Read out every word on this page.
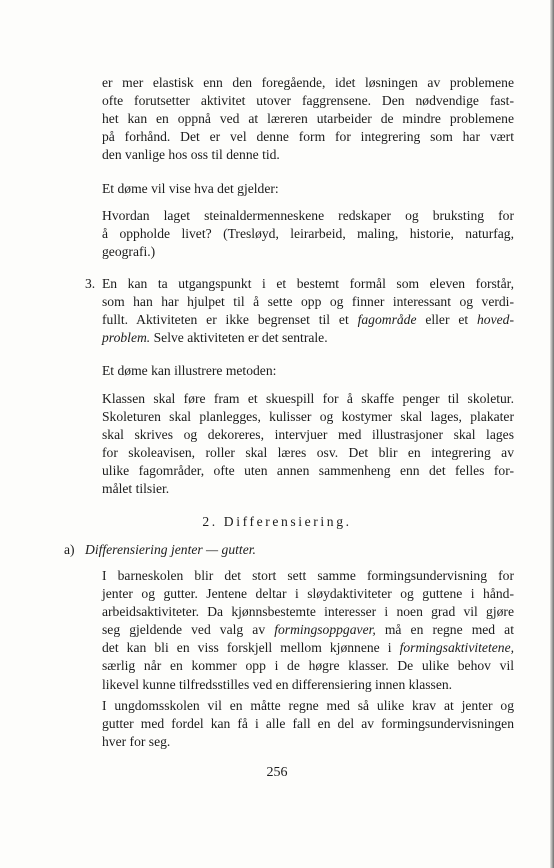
er mer elastisk enn den foregående, idet løsningen av problemene
ofte forutsetter aktivitet utover faggrensene. Den nødvendige fast-
het kan en oppnå ved at læreren utarbeider de mindre problemene
på forhånd. Det er vel denne form for integrering som har vært
den vanlige hos oss til denne tid.

Et døme vil vise hva det gjelder:

Hvordan laget steinaldermenneskene redskaper og bruksting for
å oppholde livet? (Tresløyd, leirarbeid, maling, historie, naturfag,
geografi.)

3. En kan ta utgangspunkt i et bestemt formål som eleven forstår,
som han har hjulpet til å sette opp og finner interessant og verdi-
fullt. Aktiviteten er ikke begrenset til et fagområde eller et hoved-
problem. Selve aktiviteten er det sentrale.

Et døme kan illustrere metoden:

Klassen skal føre fram et skuespill for å skaffe penger til skoletur.
Skoleturen skal planlegges, kulisser og kostymer skal lages, plakater
skal skrives og dekoreres, intervjuer med illustrasjoner skal lages
for skoleavisen, roller skal læres osv. Det blir en integrering av
ulike fagområder, ofte uten annen sammenheng enn det felles for-
målet tilsier.

2. Differensiering.

a) Differensiering jenter — gutter.

I barneskolen blir det stort sett samme formingsundervisning for
jenter og gutter. Jentene deltar i sløydaktiviteter og guttene i hånd-
arbeidsaktiviteter. Da kjønnsbestemte interesser i noen grad vil gjøre
seg gjeldende ved valg av formingsoppgaver, må en regne med at
det kan bli en viss forskjell mellom kjønnene i formingsaktivitetene,
særlig når en kommer opp i de høgre klasser. De ulike behov vil
likevel kunne tilfredsstilles ved en differensiering innen klassen.

I ungdomsskolen vil en måtte regne med så ulike krav at jenter og
gutter med fordel kan få i alle fall en del av formingsundervisningen
hver for seg.

256
